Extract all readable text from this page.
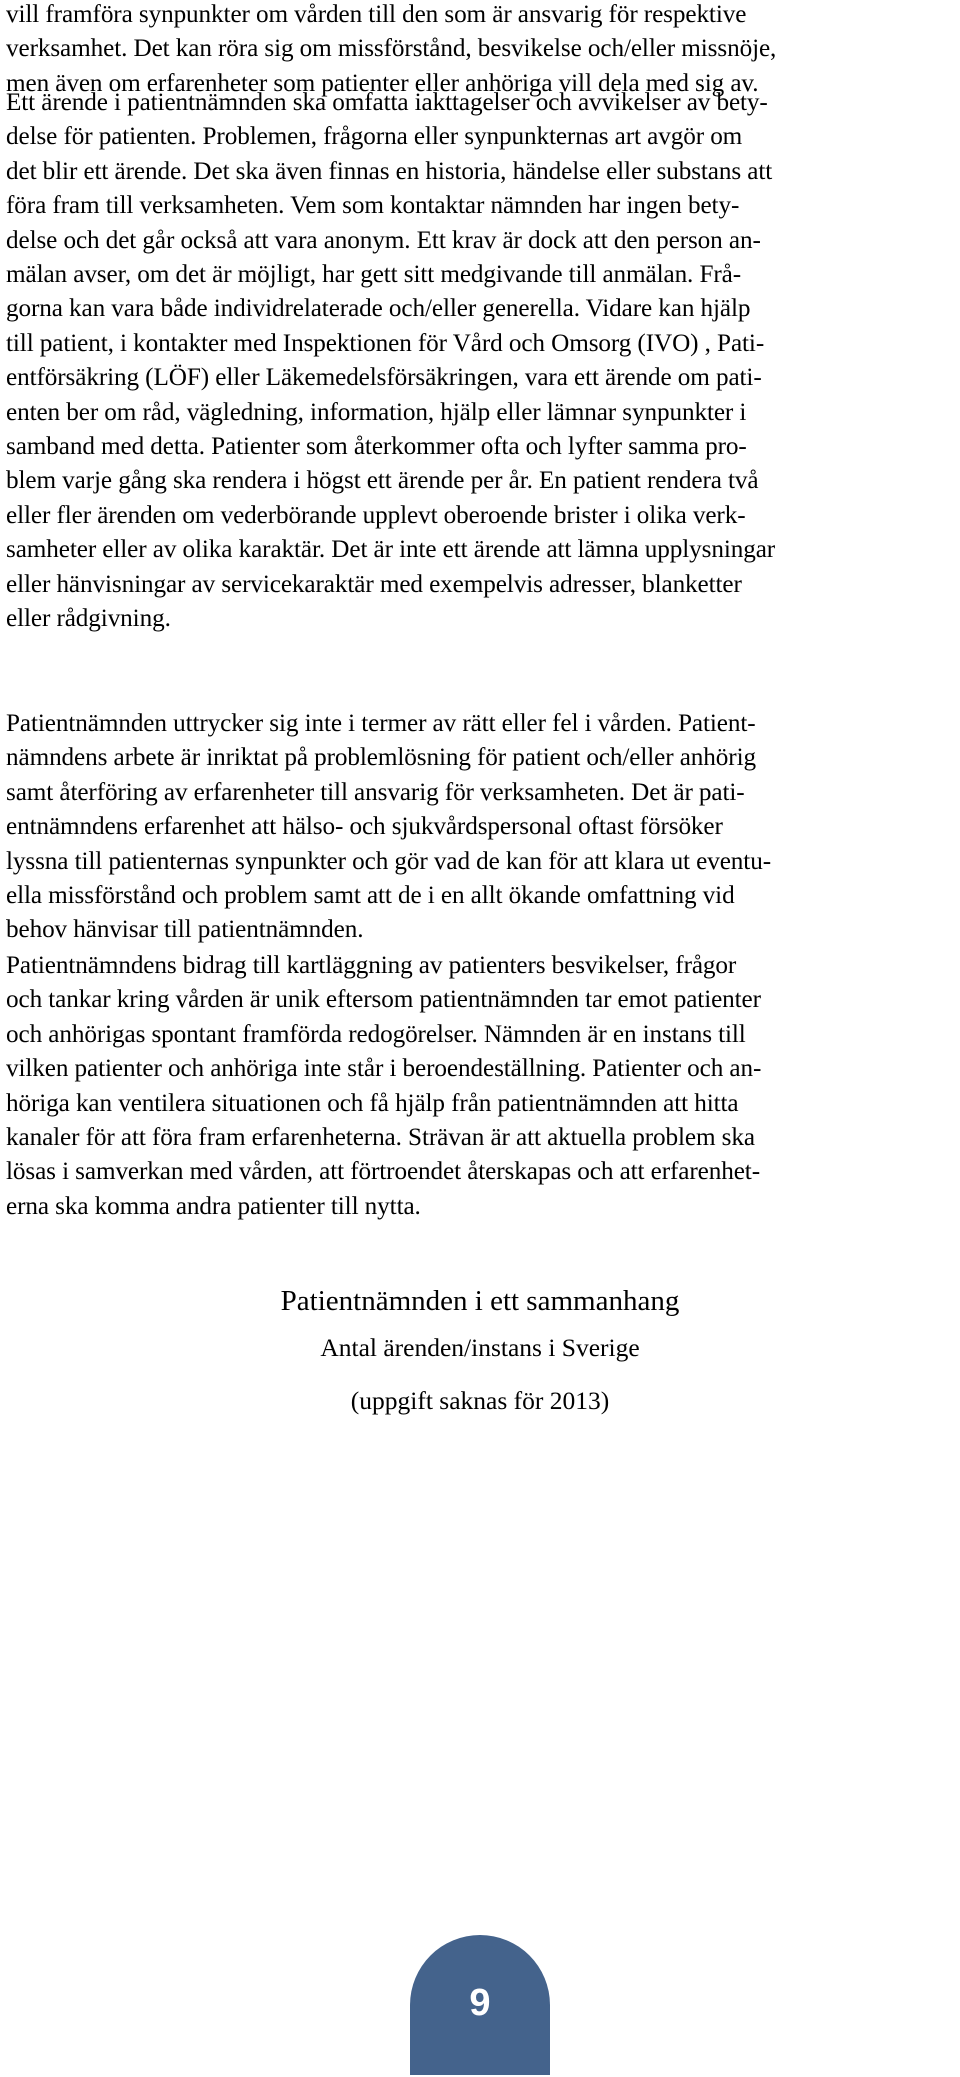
vill framföra synpunkter om vården till den som är ansvarig för respektive
verksamhet. Det kan röra sig om missförstånd, besvikelse och/eller missnöje,
men även om erfarenheter som patienter eller anhöriga vill dela med sig av.

Ett ärende i patientnämnden ska omfatta iakttagelser och avvikelser av bety-
delse för patienten. Problemen, frågorna eller synpunkternas art avgör om
det blir ett ärende. Det ska även finnas en historia, händelse eller substans att
föra fram till verksamheten. Vem som kontaktar nämnden har ingen bety-
delse och det går också att vara anonym. Ett krav är dock att den person an-
mälan avser, om det är möjligt, har gett sitt medgivande till anmälan. Frå-
gorna kan vara både individrelaterade och/eller generella. Vidare kan hjälp
till patient, i kontakter med Inspektionen för Vård och Omsorg (IVO) , Pati-
entförsäkring (LÖF) eller Läkemedelsförsäkringen, vara ett ärende om pati-
enten ber om råd, vägledning, information, hjälp eller lämnar synpunkter i
samband med detta. Patienter som återkommer ofta och lyfter samma pro-
blem varje gång ska rendera i högst ett ärende per år. En patient rendera två
eller fler ärenden om vederbörande upplevt oberoende brister i olika verk-
samheter eller av olika karaktär. Det är inte ett ärende att lämna upplysningar
eller hänvisningar av servicekaraktär med exempelvis adresser, blanketter
eller rådgivning.

Patientnämnden uttrycker sig inte i termer av rätt eller fel i vården. Patient-
nämndens arbete är inriktat på problemlösning för patient och/eller anhörig
samt återföring av erfarenheter till ansvarig för verksamheten. Det är pati-
entnämndens erfarenhet att hälso- och sjukvårdspersonal oftast försöker
lyssna till patienternas synpunkter och gör vad de kan för att klara ut eventu-
ella missförstånd och problem samt att de i en allt ökande omfattning vid
behov hänvisar till patientnämnden.

Patientnämndens bidrag till kartläggning av patienters besvikelser, frågor
och tankar kring vården är unik eftersom patientnämnden tar emot patienter
och anhörigas spontant framförda redogörelser. Nämnden är en instans till
vilken patienter och anhöriga inte står i beroendeställning. Patienter och an-
höriga kan ventilera situationen och få hjälp från patientnämnden att hitta
kanaler för att föra fram erfarenheterna. Strävan är att aktuella problem ska
lösas i samverkan med vården, att förtroendet återskapas och att erfarenhet-
erna ska komma andra patienter till nytta.

Patientnämnden i ett sammanhang

Antal ärenden/instans i Sverige

(uppgift saknas för 2013)

9
